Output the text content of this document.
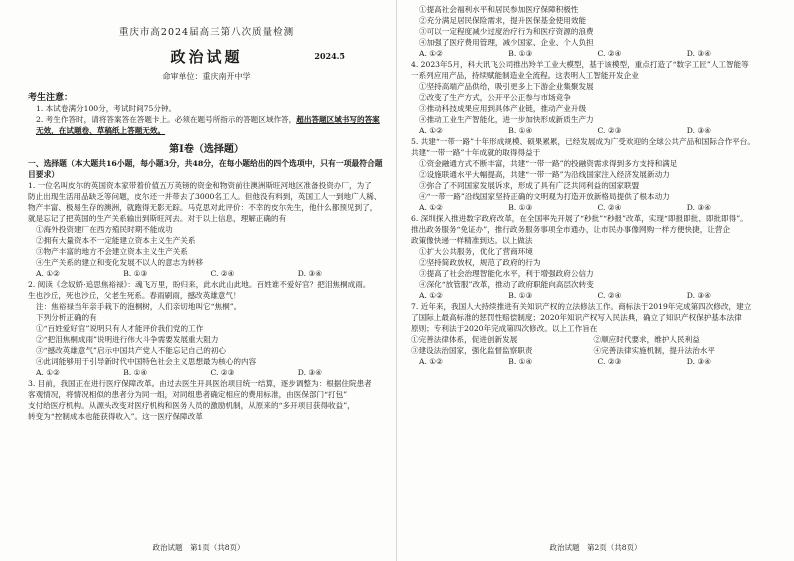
重庆市高2024届高三第八次质量检测
政治试题	2024.5
命审单位：重庆南开中学
考生注意：
1. 本试卷满分100分，考试时间75分钟。
2. 考生作答时，请将答案答在答题卡上。必须在题号所指示的答题区域作答，超出答题区域书写的答案无效，在试题卷、草稿纸上答题无效。
第Ⅰ卷（选择题）
一、选择题（本大题共16小题，每小题3分，共48分，在每小题给出的四个选项中，只有一项最符合题目要求）

1. 一位名叫皮尔的英国资本家带着价值五万英镑的资金和物资前往澳洲斯旺河地区准备投资办厂，为了

防止出现生活用品缺乏等问题，皮尔还一并带去了3000名工人。但他没有料到，英国工人一到地广人稀、

物产丰富、极易生存的澳洲，就跑得无影无踪。马克思对此评价：不幸的皮尔先生，他什么都预见到了，

就是忘记了把英国的生产关系输出到斯旺河去。对于以上信息，理解正确的有

①海外投资建厂在西方殖民时期不能成功

②拥有大量资本不一定能建立资本主义生产关系

③物产丰富的地方不会建立资本主义生产关系

④生产关系的建立和变化发展不以人的意志为转移

A. ①②	B. ①③	C. ②④	D. ③④

2. 阅读《念奴娇·追思焦裕禄》：魂飞万里，盼归来，此水此山此地。百姓谁不爱好官？把泪焦桐成雨。

生也沙丘，死也沙丘，父老生死系。春雨刷雨，撼改英雄意气！

注：焦裕禄当年亲手栽下的泡桐树，人们亲切地叫它“焦桐”。

下列分析正确的有

①“百姓爱好官”说明只有人才能评价我们党的工作

②“把泪焦桐成雨”说明进行伟大斗争需要发展重大阻力

③“撼改英雄意气”启示中国共产党人不能忘记自己的初心

④此词能够用于引导新时代中国特色社会主义思想最为核心的内容

A. ①②	B. ①④	C. ②③	D. ③④

3. 目前，我国正在进行医疗保障改革。由过去医生开具医治项目统一结算，逐步调整为：根据住院患者

客观情况，将情况相似的患者分为同一组，对同组患者确定相应的费用标准，由医保部门“打包”

支付给医疗机构。从源头改变对医疗机构和医务人员的激励机制，从原来的“多开项目获得收益”，

转变为“控制成本也能获得收入”。这一医疗保障改革

政治试题　第1页（共8页）

①提高社会福利水平和居民参加医疗保障积极性

②充分满足居民保险需求，提升医保基金使用效能

③可以一定程度减少过度治疗行为和医疗资源的浪费

④加强了医疗费用管理，减少国家、企业、个人负担

A. ①②	B. ①③	C. ②④	D. ③④

4. 2023年5月，科大讯飞公司推出羚羊工业大模型，基于该模型，重点打造了“数字工匠”人工智能等

一系列应用产品，持续赋能制造业全流程。这表明人工智能开发企业

①坚持高端产品供给，吸引更多上下游企业集聚发展

②改变了生产方式，公开平公正参与市场竞争

③推动科技成果应用到具体产业链，推动产业升级

④推动工业生产智能化，进一步加快形成新质生产力

A. ①②	B. ①④	C. ②③	D. ③④

5. 共建“一带一路”十年形成规模、硕果累累，已经发展成为广受欢迎的全球公共产品和国际合作平台。

共建“一带一路”十年成就的取得得益于

①资金融通方式不断丰富，共建“一带一路”的投融资需求得到多方支持和满足

②设施联通水平大幅提高，共建“一带一路”为沿线国家注入经济发展新动力

③弥合了不同国家发展诉求，形成了具有广泛共同利益的国家联盟

④“一带一路”沿线国家坚持正确的文明观为打造开放新格局提供了根本动力

A. ①②	B. ①③	C. ②④	D. ③④

6. 深圳探入推进数字政府改革，在全国率先开展了“秒批”“秒报”改革，实现“即报即批、即批即得”。

推出政务服务“免证办”，推行政务服务事项全市通办，让市民办事像网购一样方便快捷，让营企

政策像快递一样精准到达。以上做法

①扩大公共服务，优化了营商环境

②坚持简政放权，规范了政府的行为

③提高了社会治理智能化水平，利于增强政府公信力

④深化“放管服”改革，推动了政府职能向高层次转变

A. ①②	B. ①③	C. ②④	D. ③④

7. 近年来，我国人大持续推进有关知识产权的立法修法工作。商标法于2019年完成第四次修改，建立

了国际上最高标准的惩罚性赔偿制度；2020年知识产权写入民法典，确立了知识产权保护基本法律

原则；专利法于2020年完成第四次修改。以上工作旨在

①完善法律体系，促进创新发展	②顺应时代要求，维护人民利益
③建设法治国家，强化监督监察职责	④完善法律实施机制，提升法治水平
A. ①②	B. ①④	C. ②③	D. ③④
政治试题　第2页（共8页）
